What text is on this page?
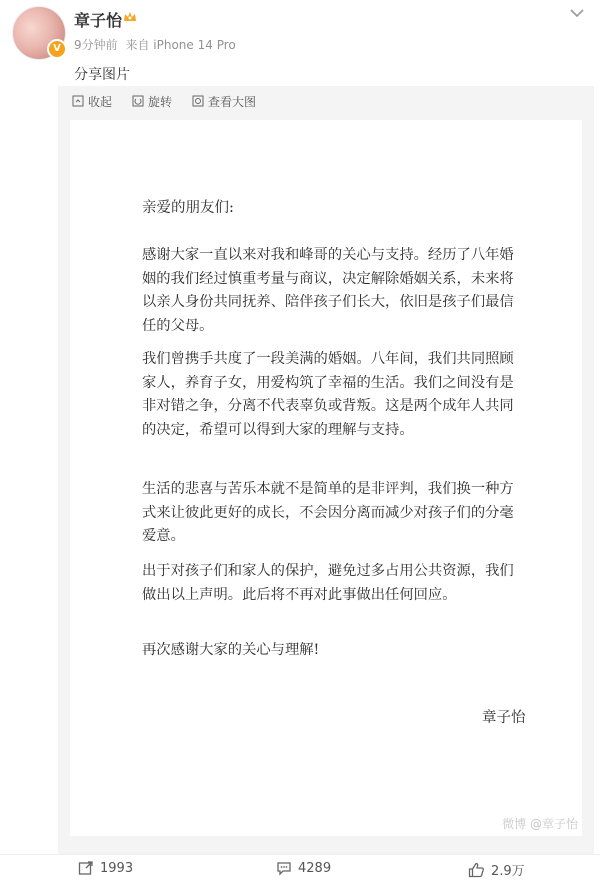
V
章子怡
9分钟前 来自 iPhone 14 Pro
分享图片
收起	旋转	查看大图
亲爱的朋友们:
感谢大家一直以来对我和峰哥的关心与支持。经历了八年婚姻的我们经过慎重考量与商议，决定解除婚姻关系，未来将以亲人身份共同抚养、陪伴孩子们长大，依旧是孩子们最信任的父母。
我们曾携手共度了一段美满的婚姻。八年间，我们共同照顾家人，养育子女，用爱构筑了幸福的生活。我们之间没有是非对错之争，分离不代表辜负或背叛。这是两个成年人共同的决定，希望可以得到大家的理解与支持。
生活的悲喜与苦乐本就不是简单的是非评判，我们换一种方式来让彼此更好的成长，不会因分离而减少对孩子们的分毫爱意。
出于对孩子们和家人的保护，避免过多占用公共资源，我们做出以上声明。此后将不再对此事做出任何回应。
再次感谢大家的关心与理解!
章子怡
微博 @章子怡
1993	4289	2.9万
